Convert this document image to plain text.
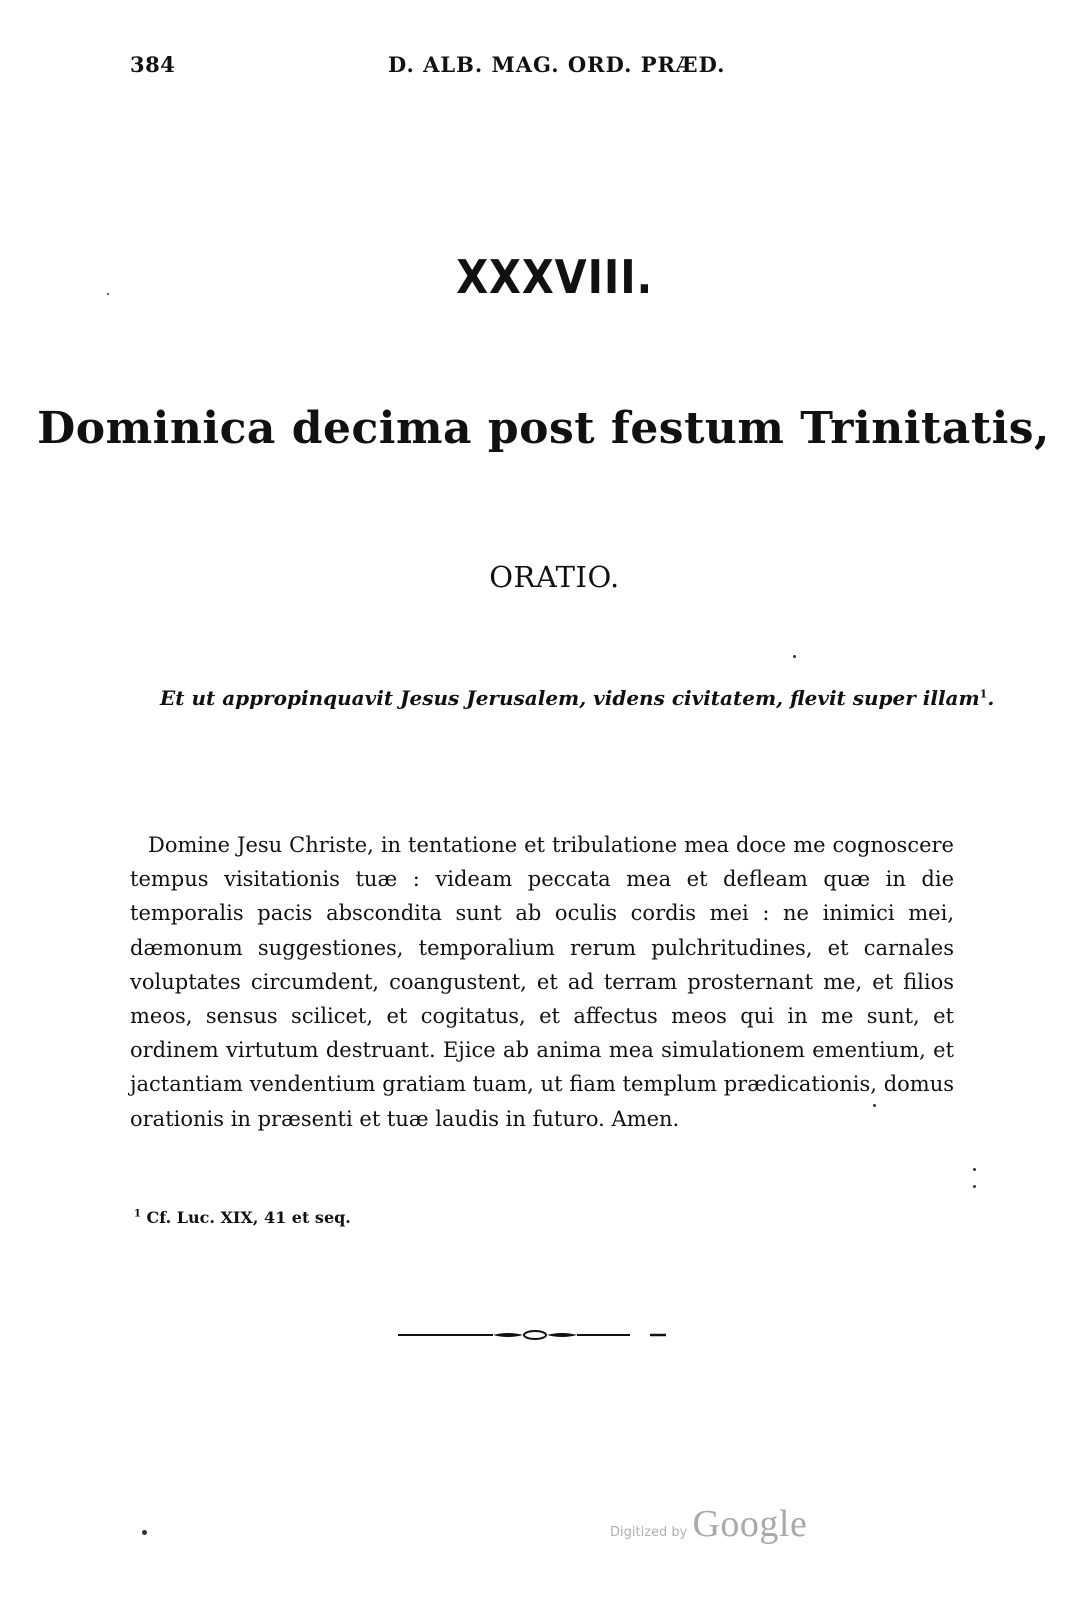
384	D. ALB. MAG. ORD. PRÆD.
XXXVIII.
Dominica decima post festum Trinitatis,
ORATIO.
Et ut appropinquavit Jesus Jerusalem, videns civitatem, flevit super illam$^1$.

Domine Jesu Christe, in tentatione et tribulatione mea doce me cognoscere tempus visitationis tuæ : videam peccata mea et defleam quæ in die temporalis pacis abscondita sunt ab oculis cordis mei : ne inimici mei, dæmonum suggestiones, temporalium rerum pulchritudines, et carnales voluptates circumdent, coangustent, et ad terram prosternant me, et filios meos, sensus scilicet, et cogitatus, et affectus meos qui in me sunt, et ordinem virtutum destruant. Ejice ab anima mea simulationem ementium, et jactantiam vendentium gratiam tuam, ut fiam templum prædicationis, domus orationis in præsenti et tuæ laudis in futuro. Amen.

$^1$ Cf. Luc. XIX, 41 et seq.
Digitized by Google
